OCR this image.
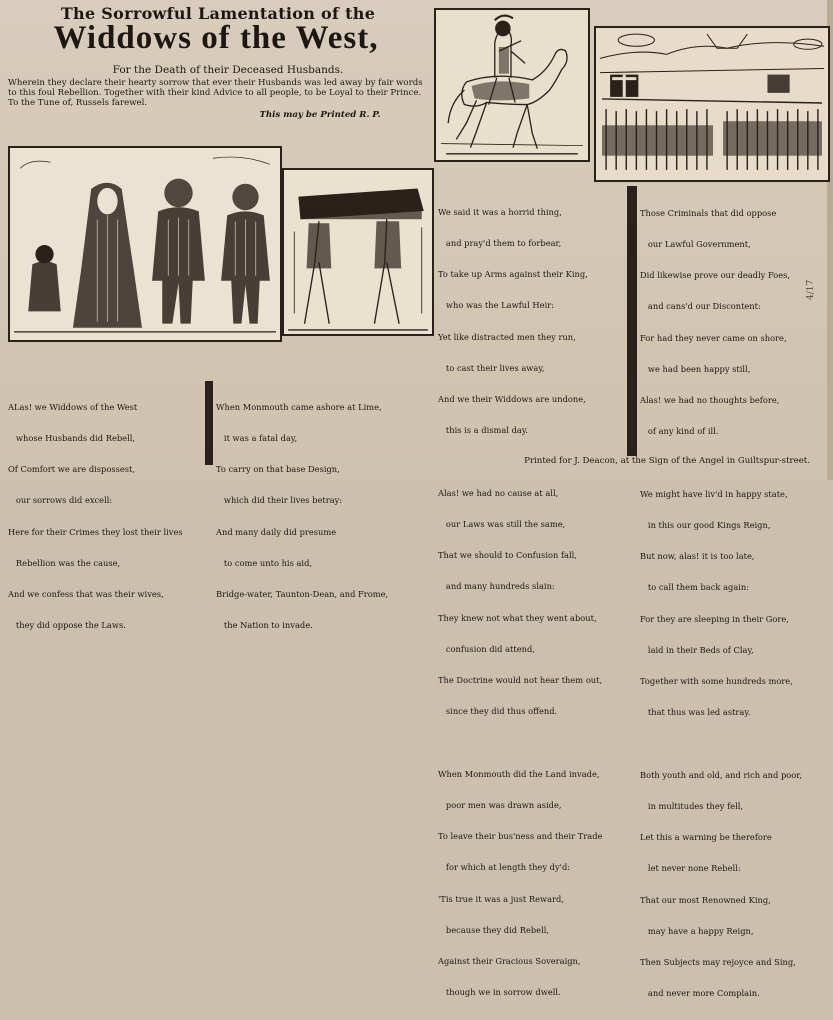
The Sorrowful Lamentation of the
Widdows of the West,
For the Death of their Deceased Husbands.
Wherein they declare their hearty sorrow that ever their Husbands was led away by fair words to this foul Rebellion. Together with their kind Advice to all people, to be Loyal to their Prince. To the Tune of, Russels farewel.
This may be Printed R. P.

We said it was a horrid thing,

and pray'd them to forbear,

To take up Arms against their King,

who was the Lawful Heir:

Yet like distracted men they run,

to cast their lives away,

And we their Widdows are undone,

this is a dismal day.

Alas! we had no cause at all,

our Laws was still the same,

That we should to Confusion fall,

and many hundreds slain:

They knew not what they went about,

confusion did attend,

The Doctrine would not hear them out,

since they did thus offend.

When Monmouth did the Land invade,

poor men was drawn aside,

To leave their bus'ness and their Trade

for which at length they dy'd:

'Tis true it was a just Reward,

because they did Rebell,

Against their Gracious Soveraign,

though we in sorrow dwell.

Those Criminals that did oppose

our Lawful Government,

Did likewise prove our deadly Foes,

and cans'd our Discontent:

For had they never came on shore,

we had been happy still,

Alas! we had no thoughts before,

of any kind of ill.

We might have liv'd in happy state,

in this our good Kings Reign,

But now, alas! it is too late,

to call them back again:

For they are sleeping in their Gore,

laid in their Beds of Clay,

Together with some hundreds more,

that thus was led astray.

Both youth and old, and rich and poor,

in multitudes they fell,

Let this a warning be therefore

let never none Rebell:

That our most Renowned King,

may have a happy Reign,

Then Subjects may rejoyce and Sing,

and never more Complain.

ALas! we Widdows of the West

whose Husbands did Rebell,

Of Comfort we are dispossest,

our sorrows did excell:

Here for their Crimes they lost their lives

Rebellion was the cause,

And we confess that was their wives,

they did oppose the Laws.

When Monmouth came ashore at Lime,

it was a fatal day,

To carry on that base Design,

which did their lives betray:

And many daily did presume

to come unto his aid,

Bridge-water, Taunton-Dean, and Frome,

the Nation to invade.

Printed for J. Deacon, at the Sign of the Angel in Guiltspur-street.
4/17
